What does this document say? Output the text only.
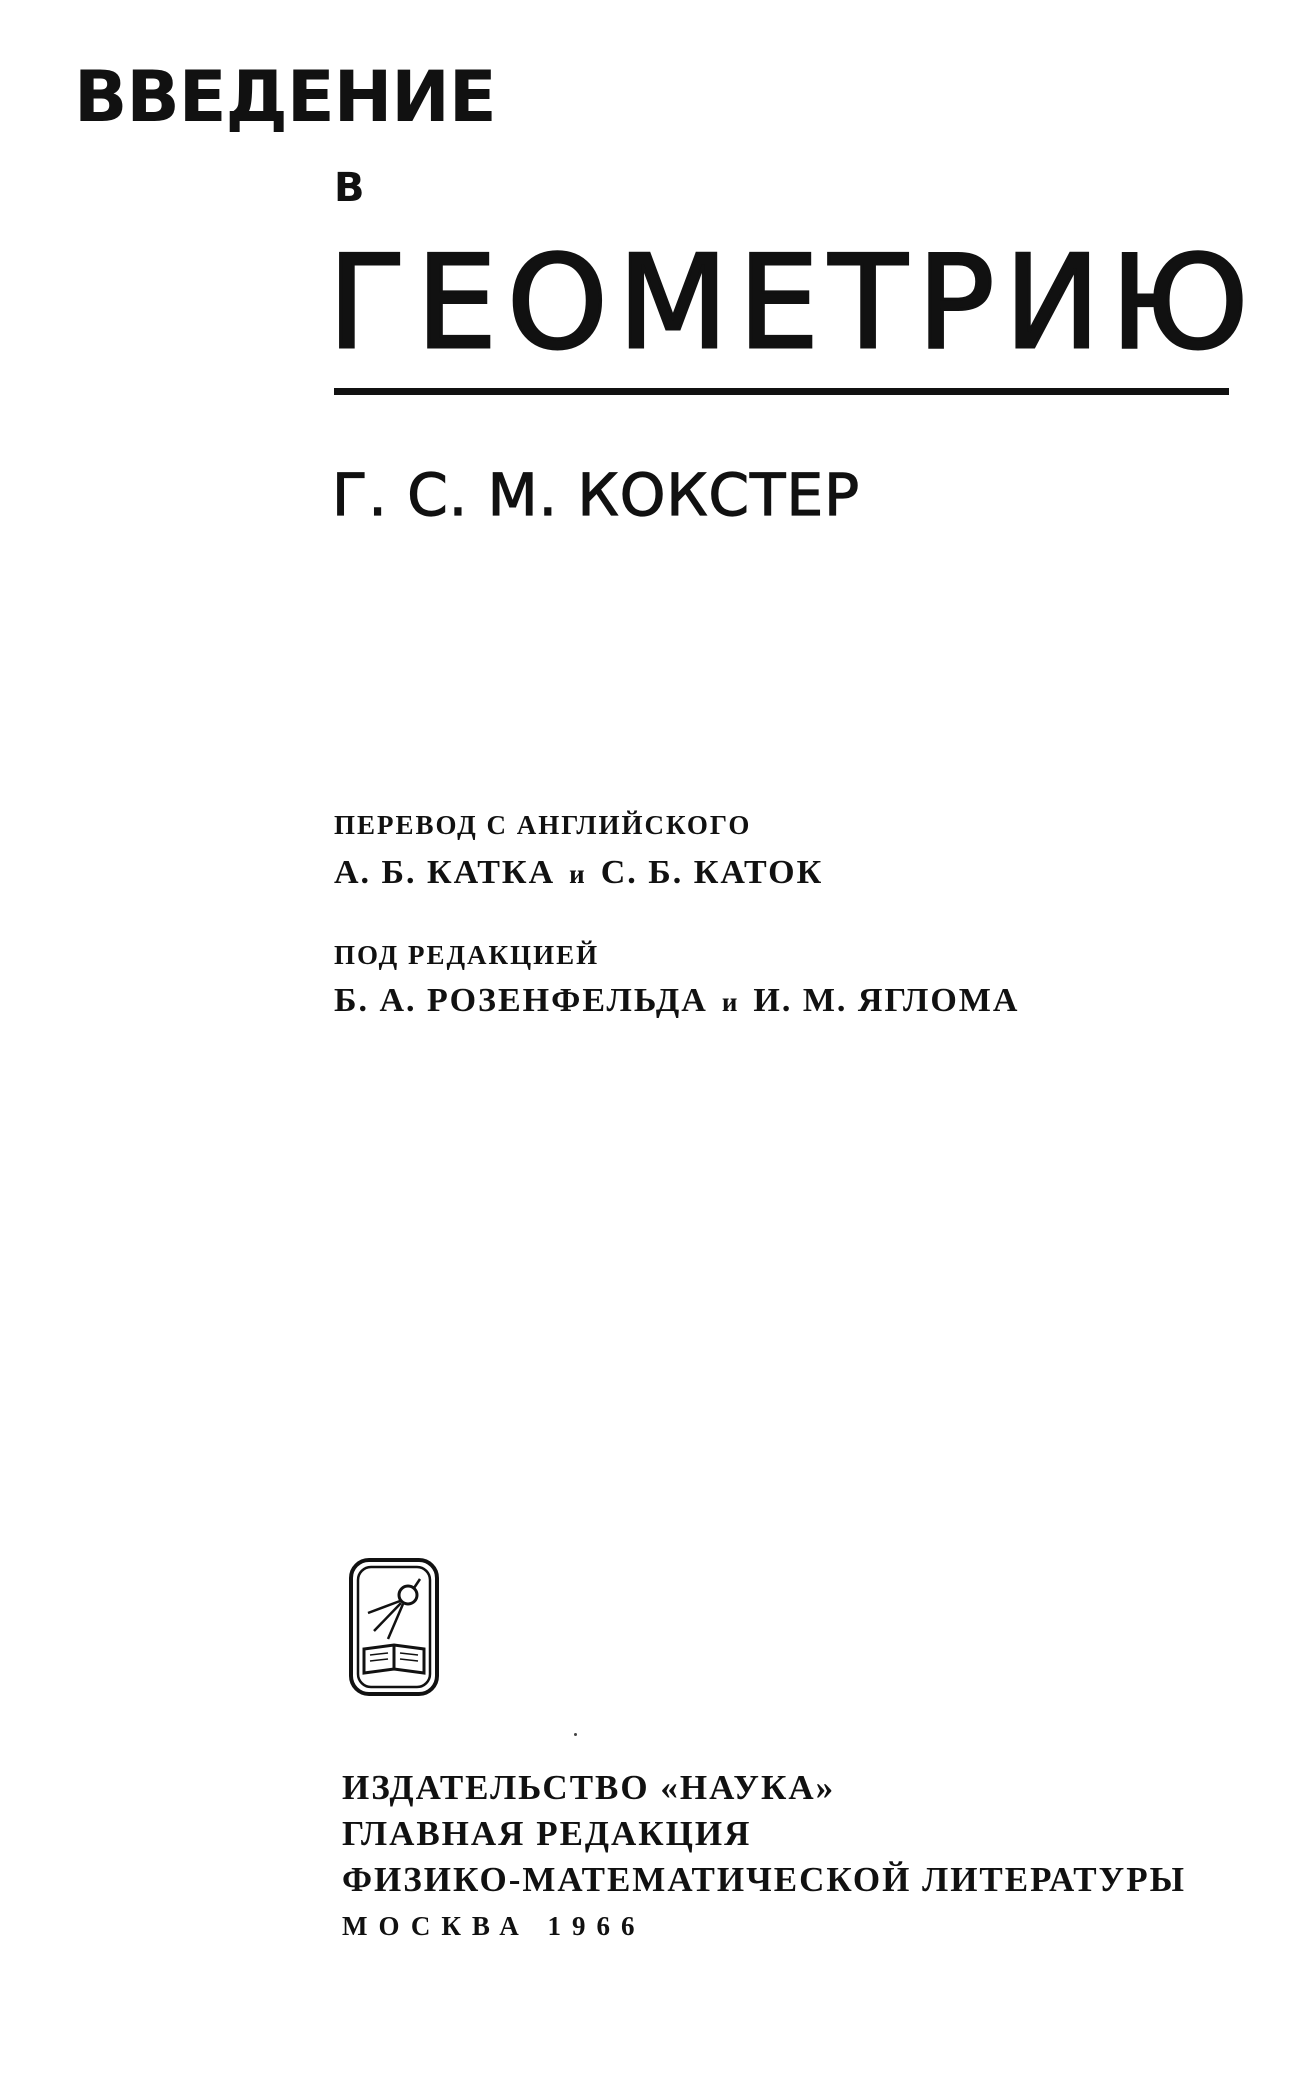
ВВЕДЕНИЕ
В
ГЕОМЕТРИЮ
Г. С. М. КОКСТЕР
ПЕРЕВОД С АНГЛИЙСКОГО
А. Б. КАТКА и С. Б. КАТОК
ПОД РЕДАКЦИЕЙ
Б. А. РОЗЕНФЕЛЬДА и И. М. ЯГЛОМА
ИЗДАТЕЛЬСТВО «НАУКА»
ГЛАВНАЯ РЕДАКЦИЯ
ФИЗИКО-МАТЕМАТИЧЕСКОЙ ЛИТЕРАТУРЫ
МОСКВА 1966
